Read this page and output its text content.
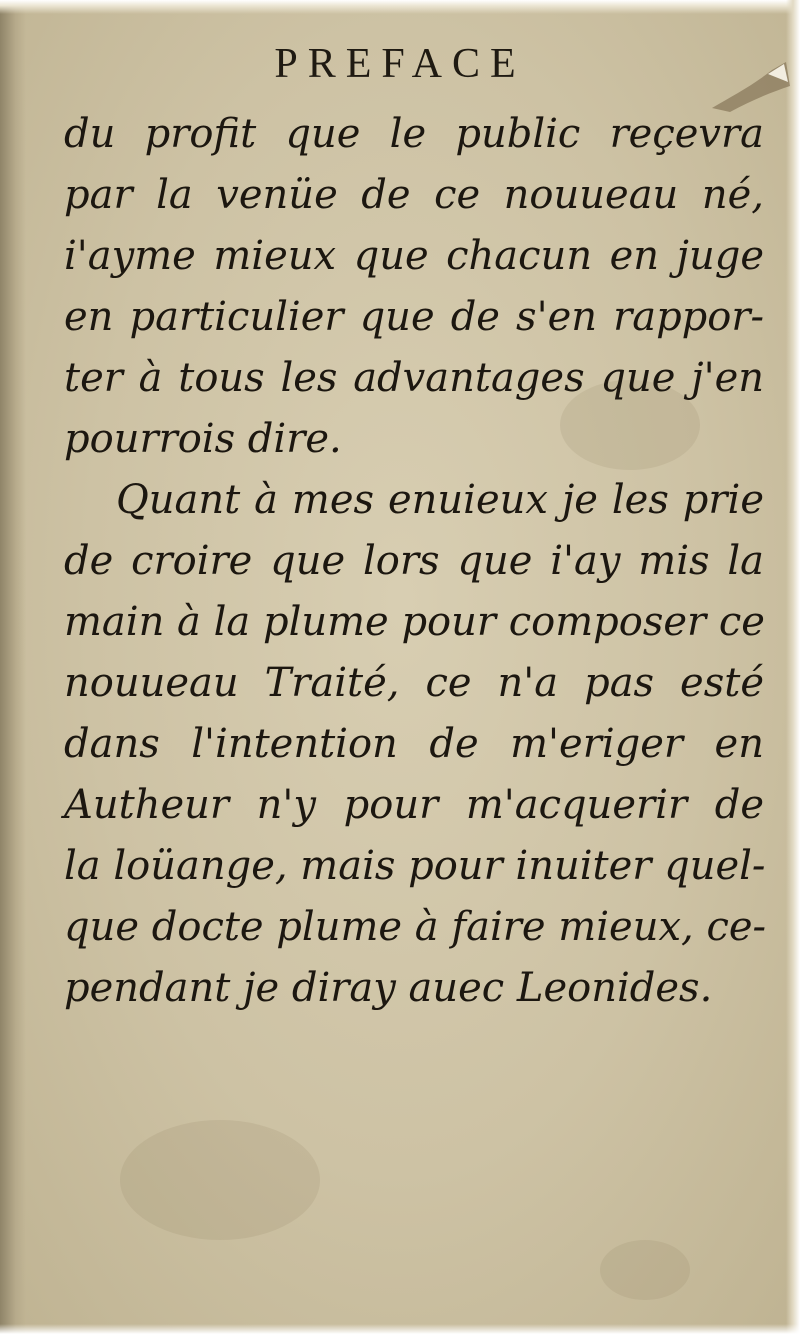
PREFACE
du profit que le public reçevra
par la venüe de ce nouueau né,
i'ayme mieux que chacun en juge
en particulier que de s'en rappor-
ter à tous les advantages que j'en
pourrois dire.
Quant à mes enuieux je les prie
de croire que lors que i'ay mis la
main à la plume pour composer ce
nouueau Traité, ce n'a pas esté
dans l'intention de m'eriger en
Autheur n'y pour m'acquerir de
la loüange, mais pour inuiter quel-
que docte plume à faire mieux, ce-
pendant je diray auec Leonides.
